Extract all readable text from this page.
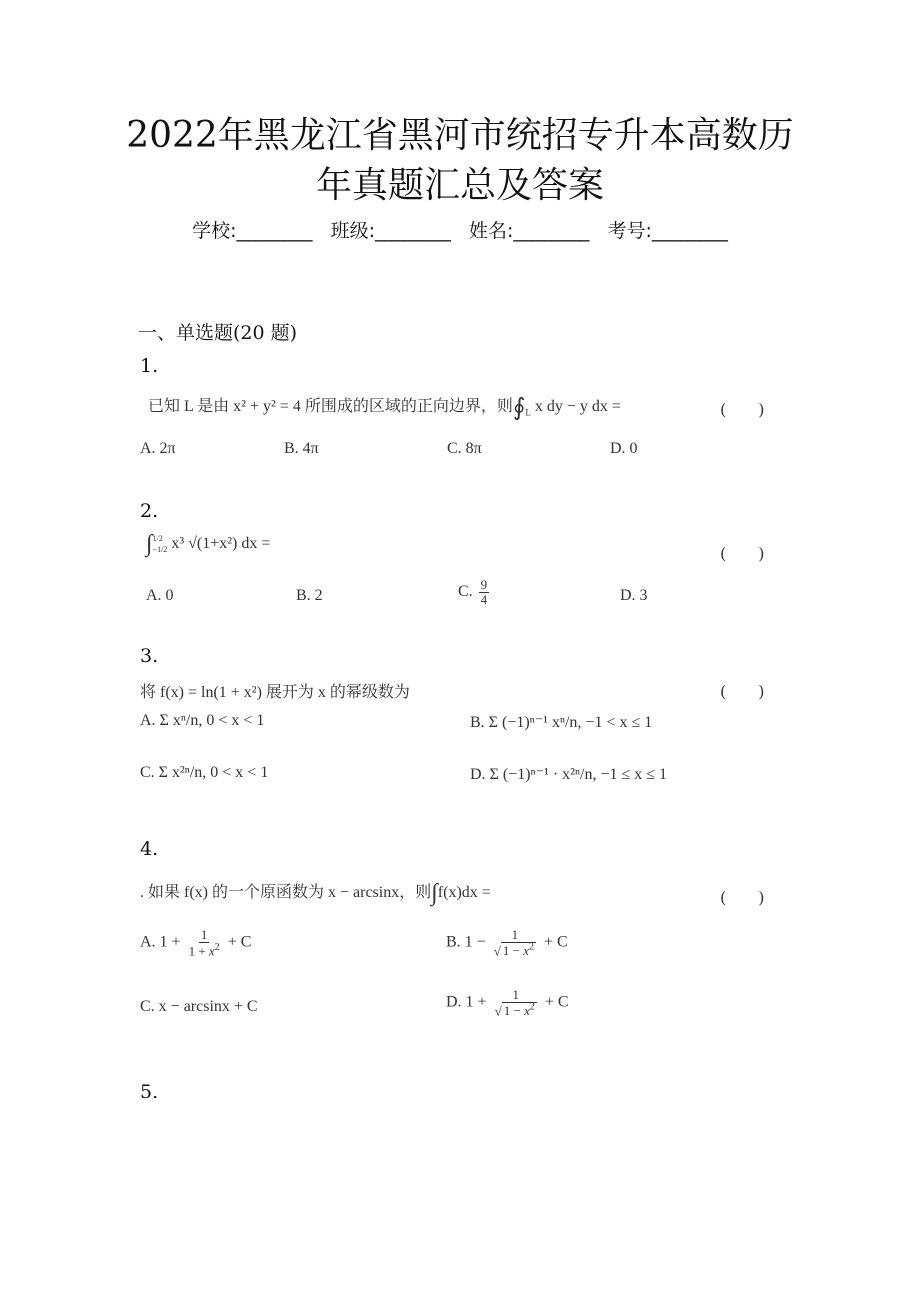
2022年黑龙江省黑河市统招专升本高数历
年真题汇总及答案
学校:________ 班级:________ 姓名:________ 考号:________
一、单选题(20 题)
1.
已知 L 是由 x² + y² = 4 所围成的区域的正向边界，则$∮_L$ x dy − y dx =	(　　)
A. 2π	B. 4π	C. 8π	D. 0
2.
∫ 1/2
−1/2 x³ √(1+x²) dx =
(　　)
A. 0	B. 2	C. $\frac{9}{4}$	D. 3
3.
将 f(x) = ln(1 + x²) 展开为 x 的幂级数为	(　　)
A. Σ xⁿ/n, 0 < x < 1	B. Σ (−1)ⁿ⁻¹ xⁿ/n, −1 < x ≤ 1
C. Σ x²ⁿ/n, 0 < x < 1	D. Σ (−1)ⁿ⁻¹ · x²ⁿ/n, −1 ≤ x ≤ 1
4.
. 如果 f(x) 的一个原函数为 x − arcsinx，则∫f(x)dx =	(　　)
A. $1 + \frac{1}{1 + x^2} + C$	B. $1 - \frac{1}{√ 1 - x^2} + C$
C. x − arcsinx + C	D. $1 + \frac{1}{√ 1 - x^2} + C$
5.
